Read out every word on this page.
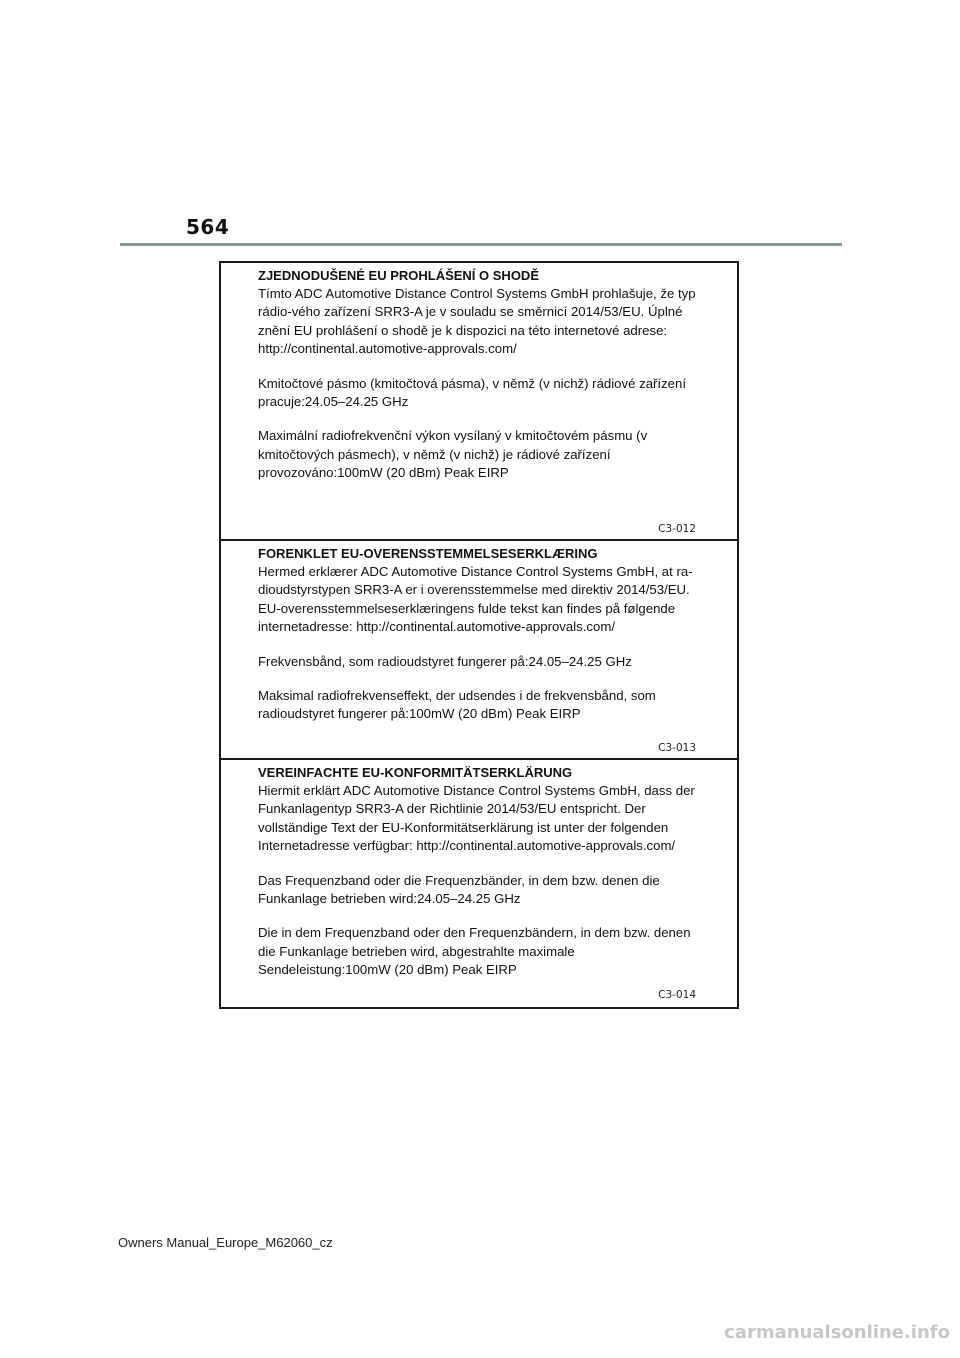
564
ZJEDNODUŠENÉ EU PROHLÁŠENÍ O SHODĚ

Tímto ADC Automotive Distance Control Systems GmbH prohlašuje, že typ rádio-vého zařízení SRR3-A je v souladu se směrnicí 2014/53/EU. Úplné znění EU prohlášení o shodě je k dispozici na této internetové adrese: http://continental.automotive-approvals.com/

Kmitočtové pásmo (kmitočtová pásma), v němž (v nichž) rádiové zařízení pracuje:24.05–24.25 GHz

Maximální radiofrekvenční výkon vysílaný v kmitočtovém pásmu (v kmitočtových pásmech), v němž (v nichž) je rádiové zařízení provozováno:100mW (20 dBm) Peak EIRP

C3-012
FORENKLET EU-OVERENSSTEMMELSESERKLÆRING

Hermed erklærer ADC Automotive Distance Control Systems GmbH, at ra-dioudstyrstypen SRR3-A er i overensstemmelse med direktiv 2014/53/EU. EU-overensstemmelseserklæringens fulde tekst kan findes på følgende internetadresse: http://continental.automotive-approvals.com/

Frekvensbånd, som radioudstyret fungerer på:24.05–24.25 GHz

Maksimal radiofrekvenseffekt, der udsendes i de frekvensbånd, som radioudstyret fungerer på:100mW (20 dBm) Peak EIRP

C3-013
VEREINFACHTE EU-KONFORMITÄTSERKLÄRUNG

Hiermit erklärt ADC Automotive Distance Control Systems GmbH, dass der Funkanlagentyp SRR3-A der Richtlinie 2014/53/EU entspricht. Der vollständige Text der EU-Konformitätserklärung ist unter der folgenden Internetadresse verfügbar: http://continental.automotive-approvals.com/

Das Frequenzband oder die Frequenzbänder, in dem bzw. denen die Funkanlage betrieben wird:24.05–24.25 GHz

Die in dem Frequenzband oder den Frequenzbändern, in dem bzw. denen die Funkanlage betrieben wird, abgestrahlte maximale Sendeleistung:100mW (20 dBm) Peak EIRP

C3-014
Owners Manual_Europe_M62060_cz
carmanualsonline.info
